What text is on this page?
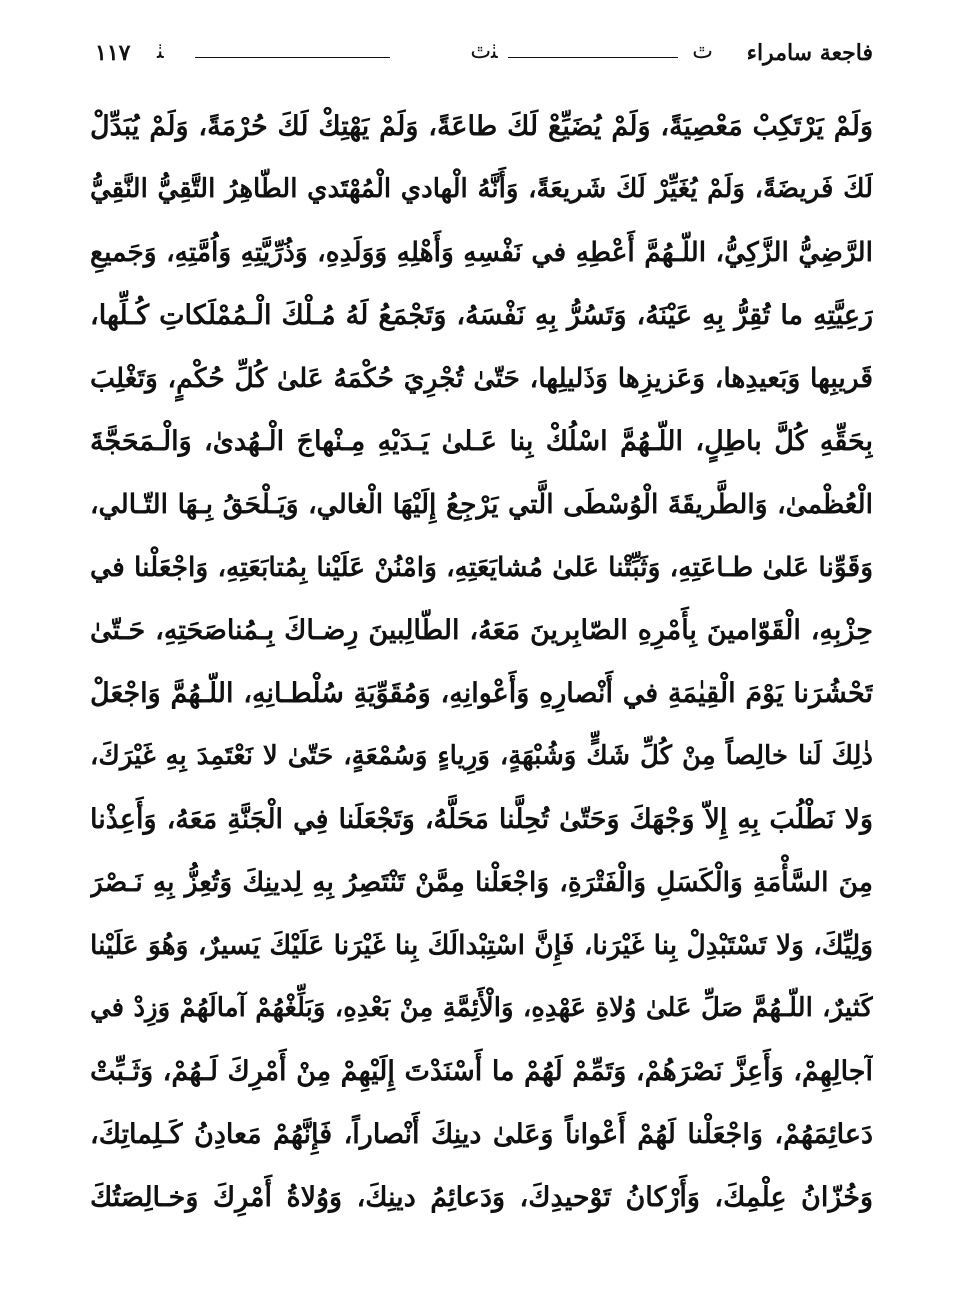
فاجعة سامراء
ﭢ
ﭡﭢ
ﭡ
١١٧
وَلَمْ يَرْتَكِبْ مَعْصِيَةً، وَلَمْ يُضَيِّعْ لَكَ طاعَةً، وَلَمْ يَهْتِكْ لَكَ حُرْمَةً، وَلَمْ يُبَدِّلْ
لَكَ فَريضَةً، وَلَمْ يُغَيِّرْ لَكَ شَريعَةً، وَأَنَّهُ الْهادي الْمُهْتَدي الطّاهِرُ التَّقِيُّ النَّقِيُّ
الرَّضِيُّ الزَّكِيُّ، اللّـهُمَّ أَعْطِهِ في نَفْسِهِ وَأَهْلِهِ وَوَلَدِهِ، وَذُرِّيَّتِهِ وَاُمَّتِهِ، وَجَميعِ
رَعِيَّتِهِ ما تُقِرُّ بِهِ عَيْنَهُ، وَتَسُرُّ بِهِ نَفْسَهُ، وَتَجْمَعُ لَهُ مُـلْكَ الْـمُمْلَكاتِ كُـلِّها،
قَريبِها وَبَعيدِها، وَعَزيزِها وَذَليلِها، حَتّىٰ تُجْرِيَ حُكْمَهُ عَلىٰ كُلِّ حُكْمٍ، وَتَغْلِبَ
بِحَقِّهِ كُلَّ باطِلٍ، اللّـهُمَّ اسْلُكْ بِنا عَـلىٰ يَـدَيْهِ مِـنْهاجَ الْـهُدىٰ، وَالْـمَحَجَّةَ
الْعُظْمىٰ، وَالطَّريقَةَ الْوُسْطَى الَّتي يَرْجِعُ إِلَيْهَا الْغالي، وَيَـلْحَقُ بِـهَا التّـالي،
وَقَوِّنا عَلىٰ طـاعَتِهِ، وَثَبِّتْنا عَلىٰ مُشايَعَتِهِ، وَامْنُنْ عَلَيْنا بِمُتابَعَتِهِ، وَاجْعَلْنا في
حِزْبِهِ، الْقَوّامينَ بِأَمْرِهِ الصّابِرينَ مَعَهُ، الطّالِبينَ رِضـاكَ بِـمُناصَحَتِهِ، حَـتّىٰ
تَحْشُرَنا يَوْمَ الْقِيٰمَةِ في أَنْصارِهِ وَأَعْوانِهِ، وَمُقَوِّيَةِ سُلْطـانِهِ، اللّـهُمَّ وَاجْعَلْ
ذٰلِكَ لَنا خالِصاً مِنْ كُلِّ شَكٍّ وَشُبْهَةٍ، وَرِياءٍ وَسُمْعَةٍ، حَتّىٰ لا نَعْتَمِدَ بِهِ غَيْرَكَ،
وَلا نَطْلُبَ بِهِ إِلاّ وَجْهَكَ وَحَتّىٰ تُحِلَّنا مَحَلَّهُ، وَتَجْعَلَنا فِي الْجَنَّةِ مَعَهُ، وَأَعِذْنا
مِنَ السَّأْمَةِ وَالْكَسَلِ وَالْفَتْرَةِ، وَاجْعَلْنا مِمَّنْ تَنْتَصِرُ بِهِ لِدينِكَ وَتُعِزُّ بِهِ نَـصْرَ
وَلِيِّكَ، وَلا تَسْتَبْدِلْ بِنا غَيْرَنا، فَإِنَّ اسْتِبْدالَكَ بِنا غَيْرَنا عَلَيْكَ يَسيرٌ، وَهُوَ عَلَيْنا
كَثيرٌ، اللّـهُمَّ صَلِّ عَلىٰ وُلاةِ عَهْدِهِ، وَالْأَئِمَّةِ مِنْ بَعْدِهِ، وَبَلِّغْهُمْ آمالَهُمْ وَزِدْ في
آجالِهِمْ، وَأَعِزَّ نَصْرَهُمْ، وَتَمِّمْ لَهُمْ ما أَسْنَدْتَ إِلَيْهِمْ مِنْ أَمْرِكَ لَـهُمْ، وَثَـبِّتْ
دَعائِمَهُمْ، وَاجْعَلْنا لَهُمْ أَعْواناً وَعَلىٰ دينِكَ أَنْصاراً، فَإِنَّهُمْ مَعادِنُ كَـلِماتِكَ،
وَخُزّانُ عِلْمِكَ، وَأَرْكانُ تَوْحيدِكَ، وَدَعائِمُ دينِكَ، وَوُلاةُ أَمْرِكَ وَخـالِصَتُكَ
